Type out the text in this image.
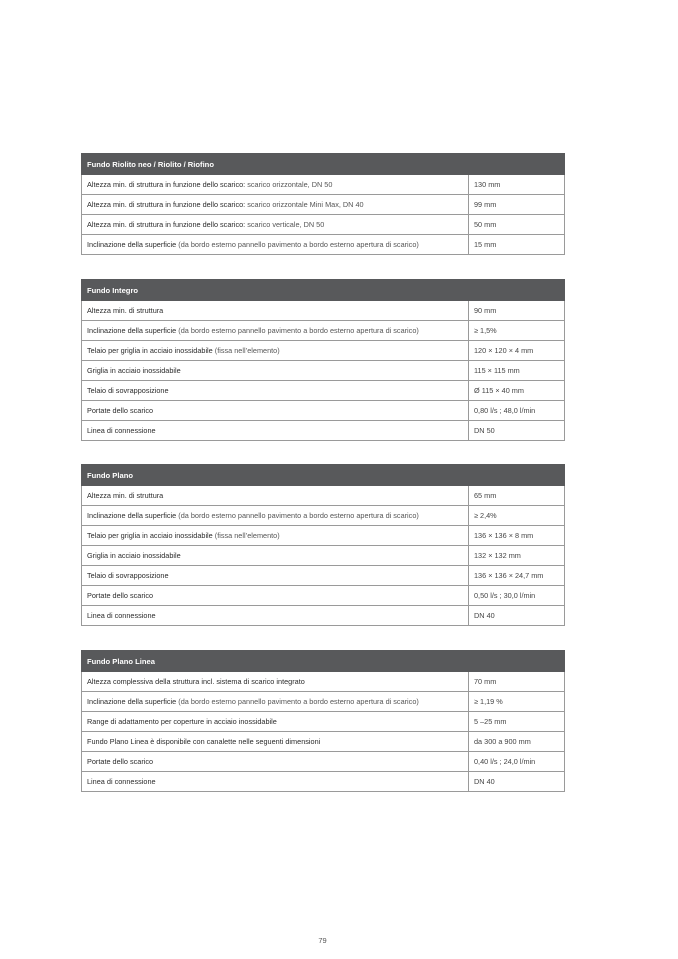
Fundo Riolito neo / Riolito / Riofino	
Altezza min. di struttura in funzione dello scarico: scarico orizzontale, DN 50	130 mm
Altezza min. di struttura in funzione dello scarico: scarico orizzontale Mini Max, DN 40	99 mm
Altezza min. di struttura in funzione dello scarico: scarico verticale, DN 50	50 mm
Inclinazione della superficie (da bordo esterno pannello pavimento a bordo esterno apertura di scarico)	15 mm
Fundo Integro	
Altezza min. di struttura	90 mm
Inclinazione della superficie (da bordo esterno pannello pavimento a bordo esterno apertura di scarico)	≥ 1,5%
Telaio per griglia in acciaio inossidabile (fissa nell’elemento)	120 × 120 × 4 mm
Griglia in acciaio inossidabile	115 × 115 mm
Telaio di sovrapposizione	Ø 115 × 40 mm
Portate dello scarico	0,80 l/s ; 48,0 l/min
Linea di connessione	DN 50
Fundo Plano	
Altezza min. di struttura	65 mm
Inclinazione della superficie (da bordo esterno pannello pavimento a bordo esterno apertura di scarico)	≥ 2,4%
Telaio per griglia in acciaio inossidabile (fissa nell’elemento)	136 × 136 × 8 mm
Griglia in acciaio inossidabile	132 × 132 mm
Telaio di sovrapposizione	136 × 136 × 24,7 mm
Portate dello scarico	0,50 l/s ; 30,0 l/min
Linea di connessione	DN 40
Fundo Plano Linea	
Altezza complessiva della struttura incl. sistema di scarico integrato	70 mm
Inclinazione della superficie (da bordo esterno pannello pavimento a bordo esterno apertura di scarico)	≥ 1,19 %
Range di adattamento per coperture in acciaio inossidabile	5 –25 mm
Fundo Plano Linea è disponibile con canalette nelle seguenti dimensioni	da 300 a 900 mm
Portate dello scarico	0,40 l/s ; 24,0 l/min
Linea di connessione	DN 40
79
